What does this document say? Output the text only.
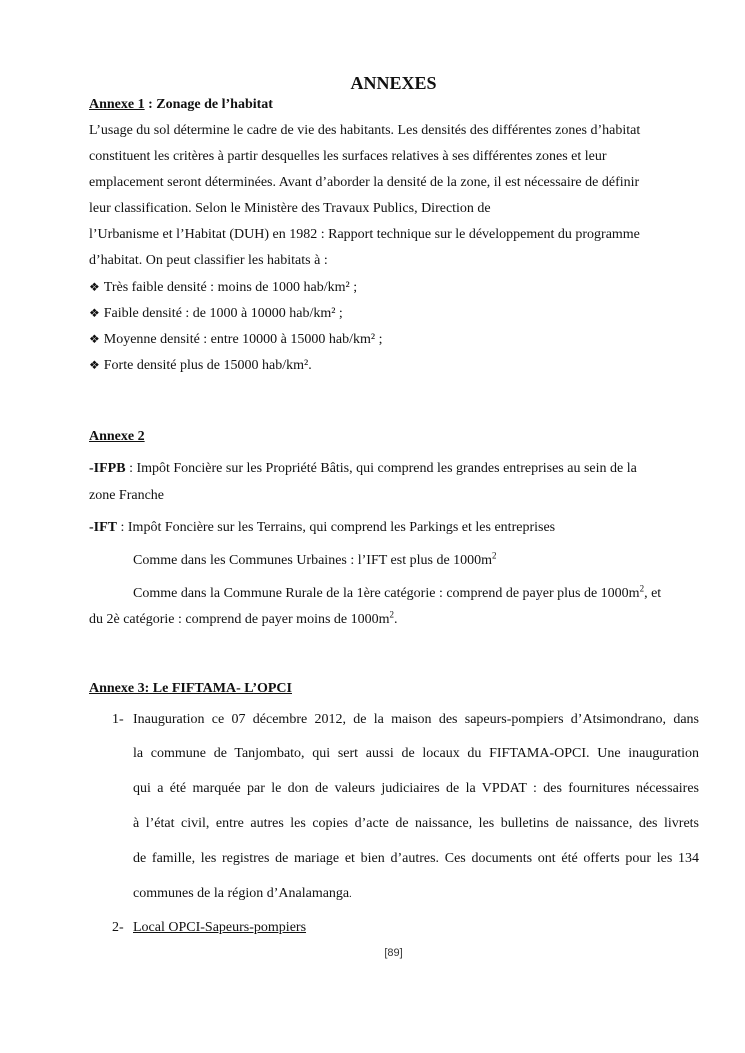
ANNEXES
Annexe 1 : Zonage de l’habitat
L’usage du sol détermine le cadre de vie des habitants. Les densités des différentes zones d’habitat
constituent les critères à partir desquelles les surfaces relatives à ses différentes zones et leur
emplacement seront déterminées. Avant d’aborder la densité de la zone, il est nécessaire de définir
leur classification. Selon le Ministère des Travaux Publics, Direction de
l’Urbanisme et l’Habitat (DUH) en 1982 : Rapport technique sur le développement du programme
d’habitat. On peut classifier les habitats à :
❖ Très faible densité : moins de 1000 hab/km² ;
❖ Faible densité : de 1000 à 10000 hab/km² ;
❖ Moyenne densité : entre 10000 à 15000 hab/km² ;
❖ Forte densité plus de 15000 hab/km².
Annexe 2
-IFPB : Impôt Foncière sur les Propriété Bâtis, qui comprend les grandes entreprises au sein de la
zone Franche
-IFT : Impôt Foncière sur les Terrains, qui comprend les Parkings et les entreprises
Comme dans les Communes Urbaines : l’IFT est plus de $1000m^2$
Comme dans la Commune Rurale de la 1ère catégorie : comprend de payer plus de $1000m^2$, et
du 2è catégorie : comprend de payer moins de $1000m^2$.
Annexe 3: Le FIFTAMA- L’OPCI
1- Inauguration ce 07 décembre 2012, de la maison des sapeurs-pompiers d’Atsimondrano, dans
la commune de Tanjombato, qui sert aussi de locaux du FIFTAMA-OPCI. Une inauguration
qui a été marquée par le don de valeurs judiciaires de la VPDAT : des fournitures nécessaires
à l’état civil, entre autres les copies d’acte de naissance, les bulletins de naissance, des livrets
de famille, les registres de mariage et bien d’autres. Ces documents ont été offerts pour les 134
communes de la région d’Analamanga.
2- Local OPCI-Sapeurs-pompiers
[89]
